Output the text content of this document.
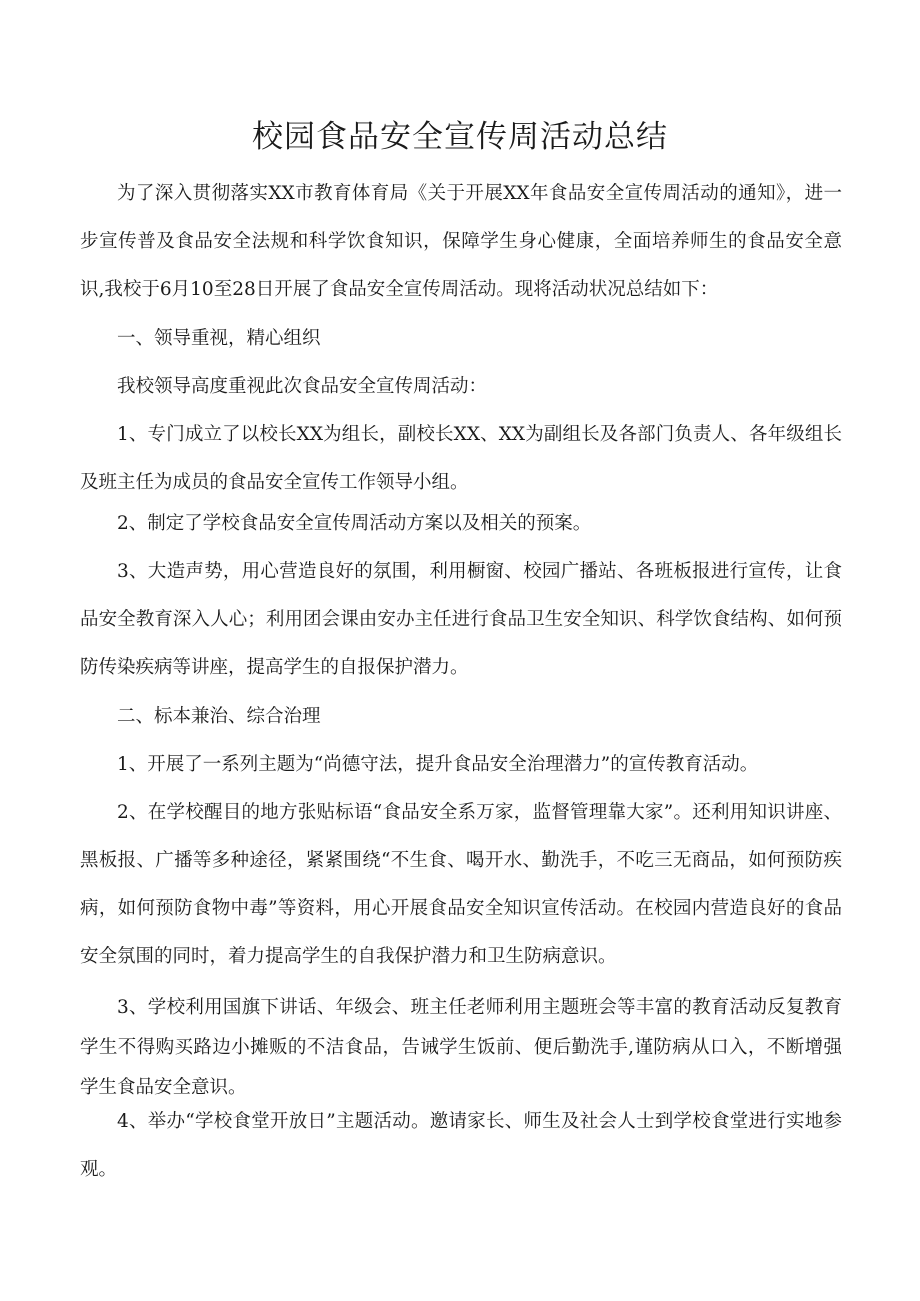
校园食品安全宣传周活动总结

为了深入贯彻落实XX市教育体育局《关于开展XX年食品安全宣传周活动的通知》，进一步宣传普及食品安全法规和科学饮食知识，保障学生身心健康，全面培养师生的食品安全意识,我校于6月10至28日开展了食品安全宣传周活动。现将活动状况总结如下：

一、领导重视，精心组织

我校领导高度重视此次食品安全宣传周活动：

1、专门成立了以校长XX为组长，副校长XX、XX为副组长及各部门负责人、各年级组长及班主任为成员的食品安全宣传工作领导小组。

2、制定了学校食品安全宣传周活动方案以及相关的预案。

3、大造声势，用心营造良好的氛围，利用橱窗、校园广播站、各班板报进行宣传，让食品安全教育深入人心；利用团会课由安办主任进行食品卫生安全知识、科学饮食结构、如何预防传染疾病等讲座，提高学生的自报保护潜力。

二、标本兼治、综合治理

1、开展了一系列主题为“尚德守法，提升食品安全治理潜力”的宣传教育活动。

2、在学校醒目的地方张贴标语“食品安全系万家，监督管理靠大家”。还利用知识讲座、黑板报、广播等多种途径，紧紧围绕“不生食、喝开水、勤洗手，不吃三无商品，如何预防疾病，如何预防食物中毒”等资料，用心开展食品安全知识宣传活动。在校园内营造良好的食品安全氛围的同时，着力提高学生的自我保护潜力和卫生防病意识。

3、学校利用国旗下讲话、年级会、班主任老师利用主题班会等丰富的教育活动反复教育学生不得购买路边小摊贩的不洁食品，告诫学生饭前、便后勤洗手,谨防病从口入，不断增强学生食品安全意识。

4、举办“学校食堂开放日”主题活动。邀请家长、师生及社会人士到学校食堂进行实地参观。
